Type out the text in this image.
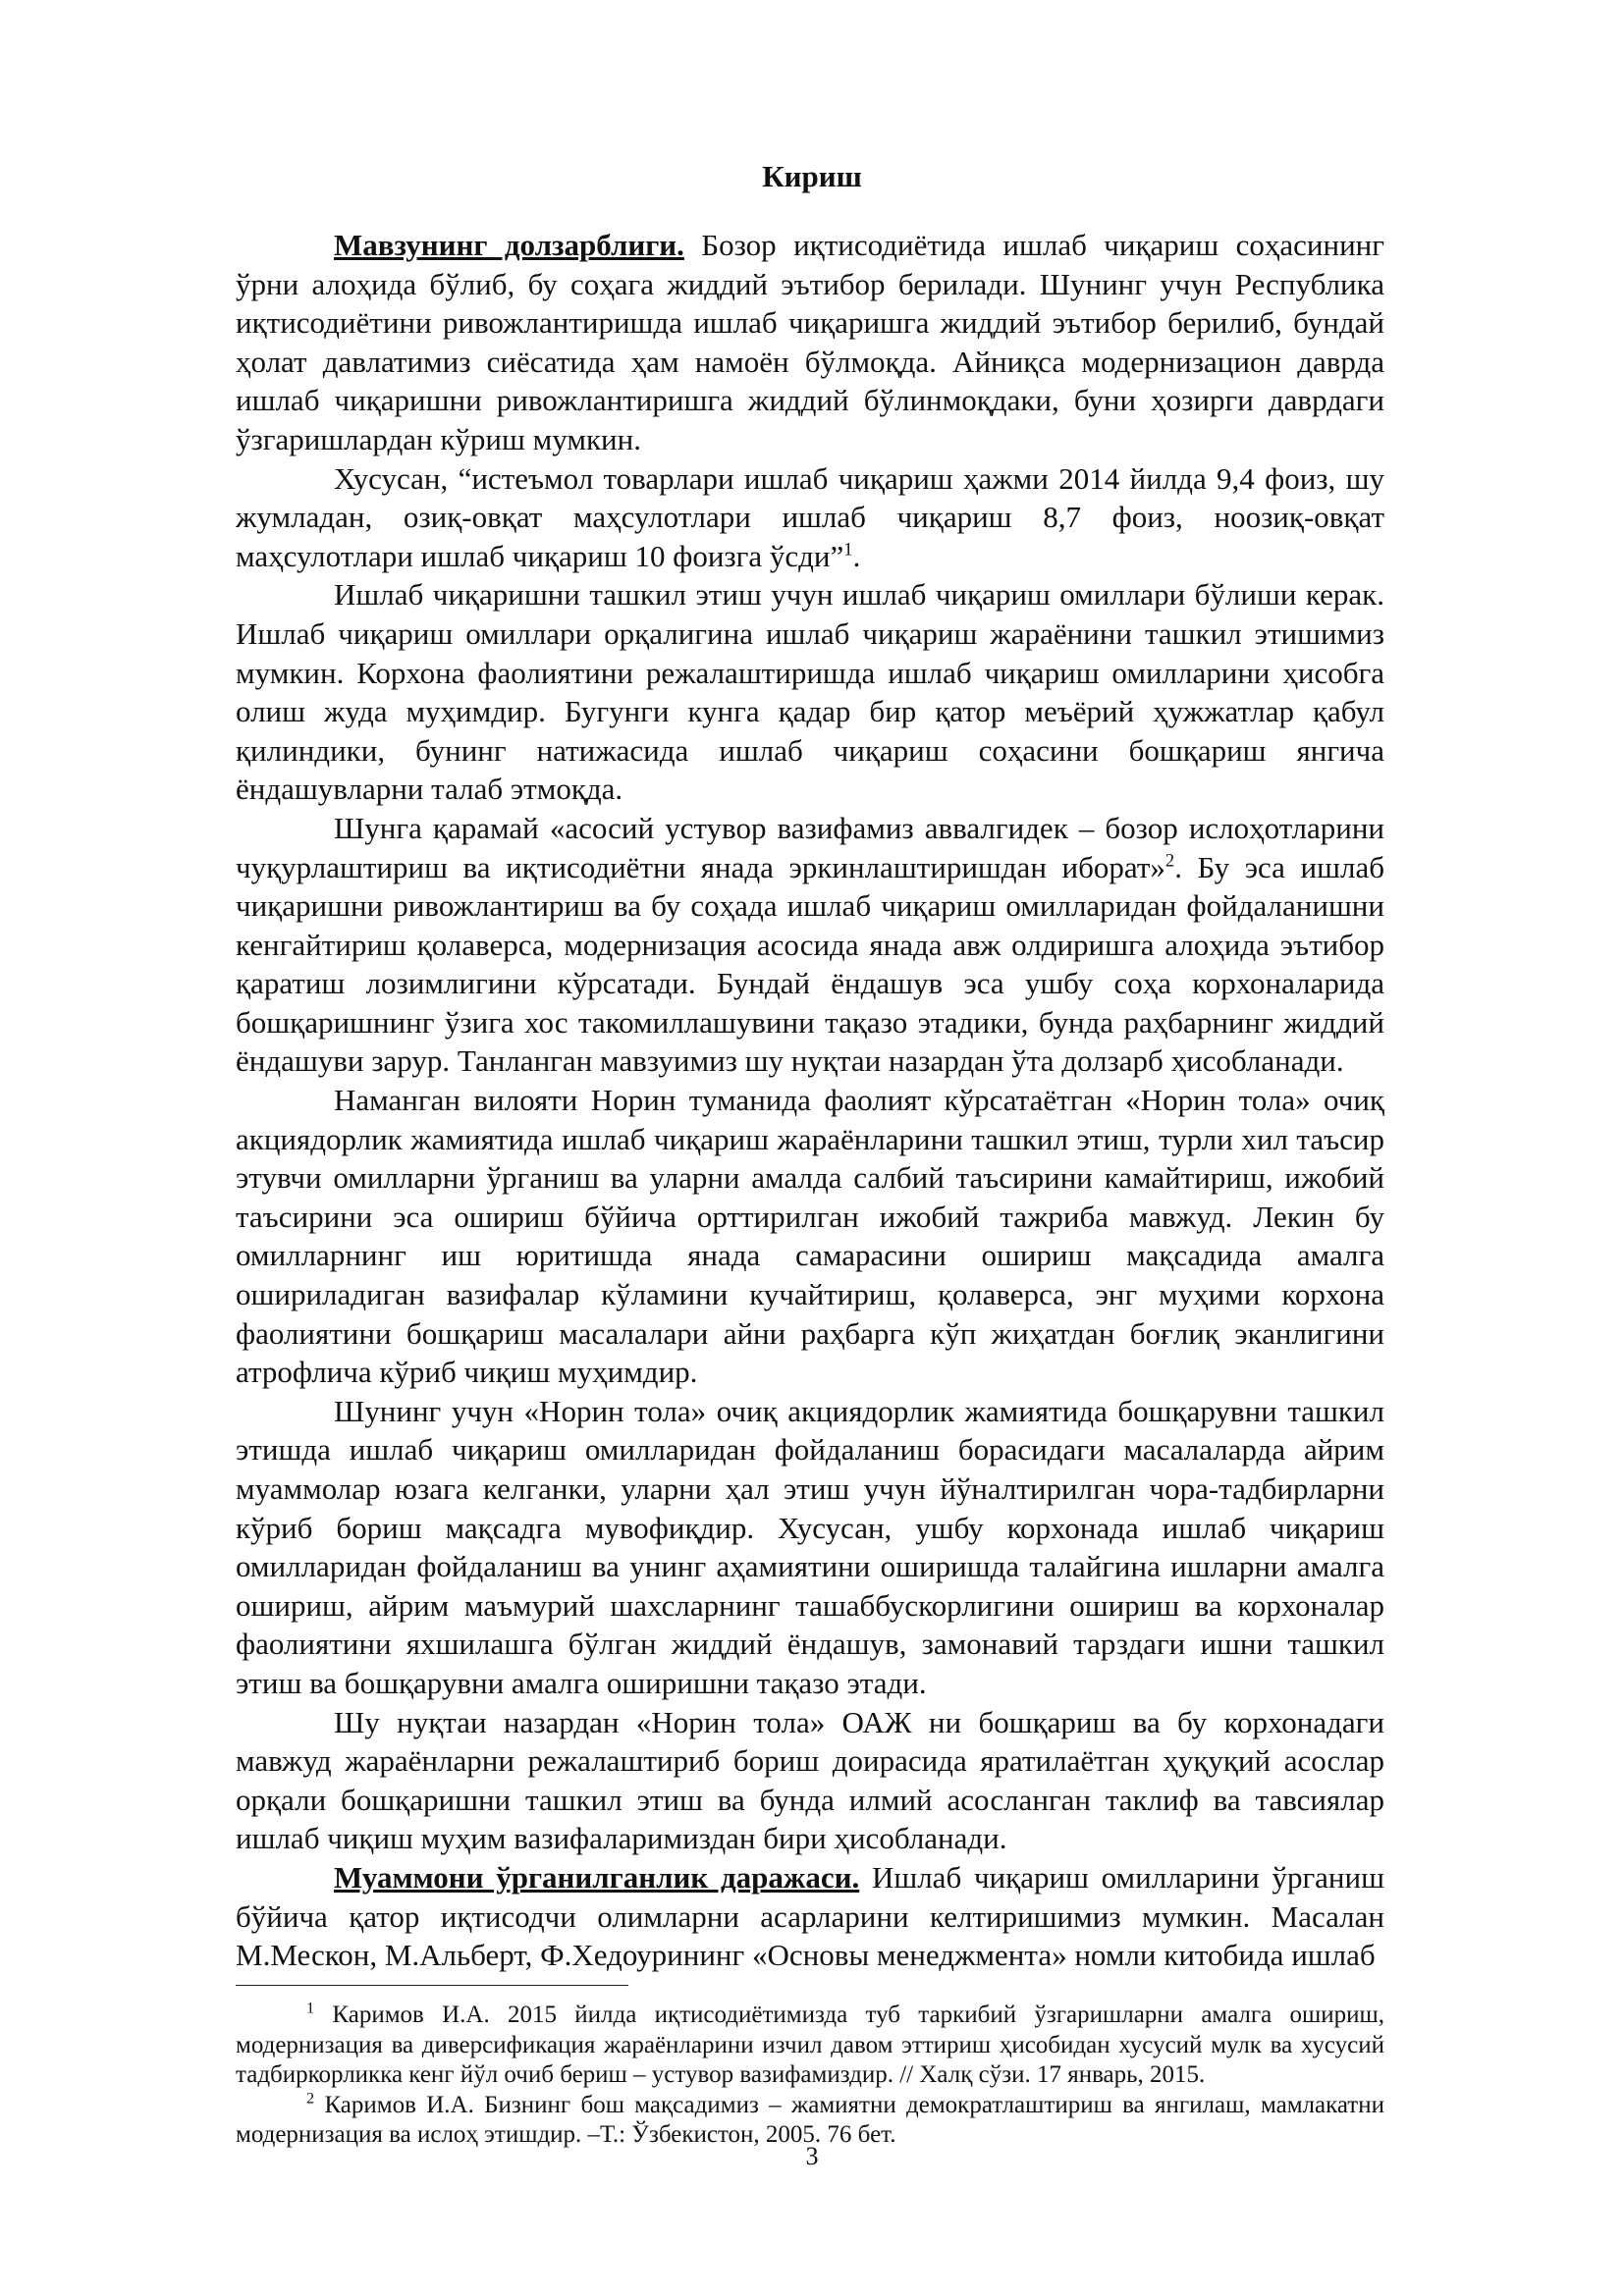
Кириш

Мавзунинг долзарблиги. Бозор иқтисодиётида ишлаб чиқариш соҳасининг ўрни алоҳида бўлиб, бу соҳага жиддий эътибор берилади. Шунинг учун Республика иқтисодиётини ривожлантиришда ишлаб чиқаришга жиддий эътибор берилиб, бундай ҳолат давлатимиз сиёсатида ҳам намоён бўлмоқда. Айниқса модернизацион даврда ишлаб чиқаришни ривожлантиришга жиддий бўлинмоқдаки, буни ҳозирги даврдаги ўзгаришлардан кўриш мумкин.

Хусусан, “истеъмол товарлари ишлаб чиқариш ҳажми 2014 йилда 9,4 фоиз, шу жумладан, озиқ-овқат маҳсулотлари ишлаб чиқариш 8,7 фоиз, ноозиқ-овқат маҳсулотлари ишлаб чиқариш 10 фоизга ўсди”$^1$.

Ишлаб чиқаришни ташкил этиш учун ишлаб чиқариш омиллари бўлиши керак. Ишлаб чиқариш омиллари орқалигина ишлаб чиқариш жараёнини ташкил этишимиз мумкин. Корхона фаолиятини режалаштиришда ишлаб чиқариш омилларини ҳисобга олиш жуда муҳимдир. Бугунги кунга қадар бир қатор меъёрий ҳужжатлар қабул қилиндики, бунинг натижасида ишлаб чиқариш соҳасини бошқариш янгича ёндашувларни талаб этмоқда.

Шунга қарамай «асосий устувор вазифамиз аввалгидек – бозор ислоҳотларини чуқурлаштириш ва иқтисодиётни янада эркинлаштиришдан иборат»$^2$. Бу эса ишлаб чиқаришни ривожлантириш ва бу соҳада ишлаб чиқариш омилларидан фойдаланишни кенгайтириш қолаверса, модернизация асосида янада авж олдиришга алоҳида эътибор қаратиш лозимлигини кўрсатади. Бундай ёндашув эса ушбу соҳа корхоналарида бошқаришнинг ўзига хос такомиллашувини тақазо этадики, бунда раҳбарнинг жиддий ёндашуви зарур. Танланган мавзуимиз шу нуқтаи назардан ўта долзарб ҳисобланади.

Наманган вилояти Норин туманида фаолият кўрсатаётган «Норин тола» очиқ акциядорлик жамиятида ишлаб чиқариш жараёнларини ташкил этиш, турли хил таъсир этувчи омилларни ўрганиш ва уларни амалда салбий таъсирини камайтириш, ижобий таъсирини эса ошириш бўйича орттирилган ижобий тажриба мавжуд. Лекин бу омилларнинг иш юритишда янада самарасини ошириш мақсадида амалга ошириладиган вазифалар кўламини кучайтириш, қолаверса, энг муҳими корхона фаолиятини бошқариш масалалари айни раҳбарга кўп жиҳатдан боғлиқ эканлигини атрофлича кўриб чиқиш муҳимдир.

Шунинг учун «Норин тола» очиқ акциядорлик жамиятида бошқарувни ташкил этишда ишлаб чиқариш омилларидан фойдаланиш борасидаги масалаларда айрим муаммолар юзага келганки, уларни ҳал этиш учун йўналтирилган чора-тадбирларни кўриб бориш мақсадга мувофиқдир. Хусусан, ушбу корхонада ишлаб чиқариш омилларидан фойдаланиш ва унинг аҳамиятини оширишда талайгина ишларни амалга ошириш, айрим маъмурий шахсларнинг ташаббускорлигини ошириш ва корхоналар фаолиятини яхшилашга бўлган жиддий ёндашув, замонавий тарздаги ишни ташкил этиш ва бошқарувни амалга оширишни тақазо этади.

Шу нуқтаи назардан «Норин тола» ОАЖ ни бошқариш ва бу корхонадаги мавжуд жараёнларни режалаштириб бориш доирасида яратилаётган ҳуқуқий асослар орқали бошқаришни ташкил этиш ва бунда илмий асосланган таклиф ва тавсиялар ишлаб чиқиш муҳим вазифаларимиздан бири ҳисобланади.

Муаммони ўрганилганлик даражаси. Ишлаб чиқариш омилларини ўрганиш бўйича қатор иқтисодчи олимларни асарларини келтиришимиз мумкин. Масалан М.Мескон, М.Альберт, Ф.Хедоурининг «Основы менеджмента» номли китобида ишлаб

$^1$ Каримов И.А. 2015 йилда иқтисодиётимизда туб таркибий ўзгаришларни амалга ошириш, модернизация ва диверсификация жараёнларини изчил давом эттириш ҳисобидан хусусий мулк ва хусусий тадбиркорликка кенг йўл очиб бериш – устувор вазифамиздир. // Халқ сўзи. 17 январь, 2015.

$^2$ Каримов И.А. Бизнинг бош мақсадимиз – жамиятни демократлаштириш ва янгилаш, мамлакатни модернизация ва ислоҳ этишдир. –Т.: Ўзбекистон, 2005. 76 бет.

3
